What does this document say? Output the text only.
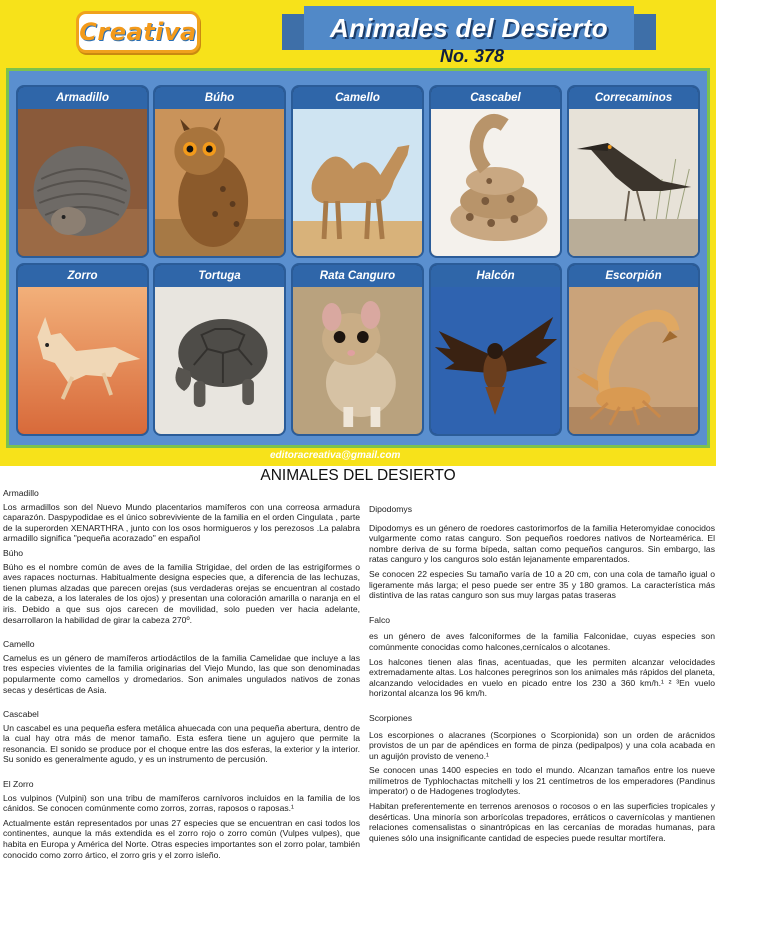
Creativa	Animales del Desierto
No. 378
Armadillo	Búho	Camello	Cascabel	Correcaminos
Zorro	Tortuga	Rata Canguro	Halcón	Escorpión
editoracreativa@gmail.com
ANIMALES DEL DESIERTO
Armadillo
Los armadillos son del Nuevo Mundo placentarios mamíferos con una correosa armadura caparazón. Daspypodidae es el único sobreviviente de la familia en el orden Cingulata , parte de la superorden XENARTHRA , junto con los osos hormigueros y los perezosos .La palabra armadillo significa "pequeña acorazado" en español
Búho
Búho es el nombre común de aves de la familia Strigidae, del orden de las estrigiformes o aves rapaces nocturnas. Habitualmente designa especies que, a diferencia de las lechuzas, tienen plumas alzadas que parecen orejas (sus verdaderas orejas se encuentran al costado de la cabeza, a los laterales de los ojos) y presentan una coloración amarilla o naranja en el iris. Debido a que sus ojos carecen de movilidad, solo pueden ver hacia adelante, desarrollaron la habilidad de girar la cabeza 270º.
Camello
Camelus es un género de mamíferos artiodáctilos de la familia Camelidae que incluye a las tres especies vivientes de la familia originarias del Viejo Mundo, las que son denominadas popularmente como camellos y dromedarios. Son animales ungulados nativos de zonas secas y desérticas de Asia.
Cascabel
Un cascabel es una pequeña esfera metálica ahuecada con una pequeña abertura, dentro de la cual hay otra más de menor tamaño. Esta esfera tiene un agujero que permite la resonancia. El sonido se produce por el choque entre las dos esferas, la exterior y la interior. Su sonido es generalmente agudo, y es un instrumento de percusión.
El Zorro
Los vulpinos (Vulpini) son una tribu de mamíferos carnívoros incluidos en la familia de los cánidos. Se conocen comúnmente como zorros, zorras, raposos o raposas.¹
Actualmente están representados por unas 27 especies que se encuentran en casi todos los continentes, aunque la más extendida es el zorro rojo o zorro común (Vulpes vulpes), que habita en Europa y América del Norte. Otras especies importantes son el zorro polar, también conocido como zorro ártico, el zorro gris y el zorro isleño.
Dipodomys
Dipodomys es un género de roedores castorimorfos de la familia Heteromyidae conocidos vulgarmente como ratas canguro. Son pequeños roedores nativos de Norteamérica. El nombre deriva de su forma bípeda, saltan como pequeños canguros. Sin embargo, las ratas canguro y los canguros solo están lejanamente emparentados.
Se conocen 22 especies Su tamaño varía de 10 a 20 cm, con una cola de tamaño igual o ligeramente más larga; el peso puede ser entre 35 y 180 gramos. La característica más distintiva de las ratas canguro son sus muy largas patas traseras
Falco
es un género de aves falconiformes de la familia Falconidae, cuyas especies son comúnmente conocidas como halcones,cernícalos o alcotanes.
Los halcones tienen alas finas, acentuadas, que les permiten alcanzar velocidades extremadamente altas. Los halcones peregrinos son los animales más rápidos del planeta, alcanzando velocidades en vuelo en picado entre los 230 a 360 km/h.¹ ² ³En vuelo horizontal alcanza los 96 km/h.
Scorpiones
Los escorpiones o alacranes (Scorpiones o Scorpionida) son un orden de arácnidos provistos de un par de apéndices en forma de pinza (pedipalpos) y una cola acabada en un aguijón provisto de veneno.¹
Se conocen unas 1400 especies en todo el mundo. Alcanzan tamaños entre los nueve milímetros de Typhlochactas mitchelli y los 21 centímetros de los emperadores (Pandinus imperator) o de Hadogenes troglodytes.
Habitan preferentemente en terrenos arenosos o rocosos o en las superficies tropicales y desérticas. Una minoría son arborícolas trepadores, erráticos o cavernícolas y mantienen relaciones comensalistas o sinantrópicas en las cercanías de moradas humanas, para quienes sólo una insignificante cantidad de especies puede resultar mortífera.
